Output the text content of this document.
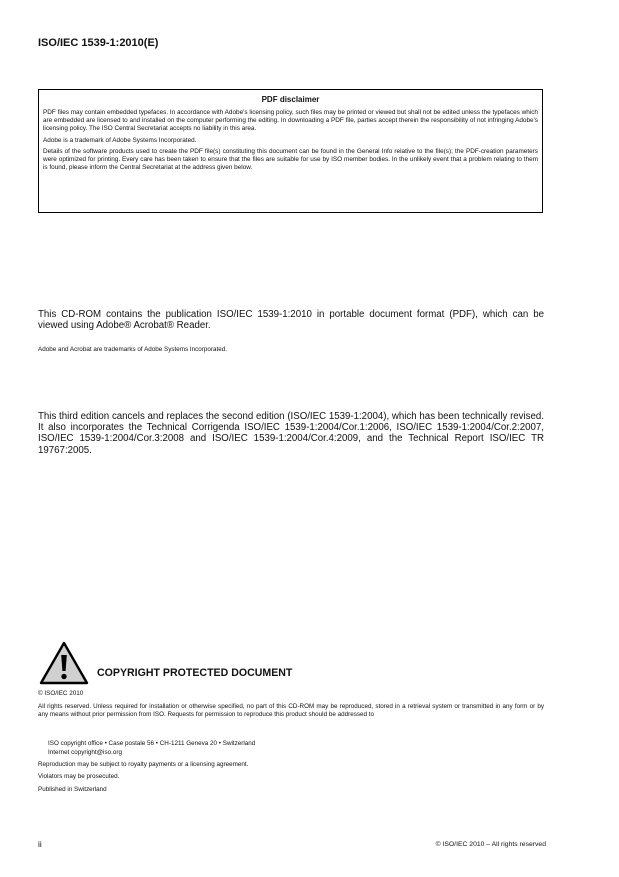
ISO/IEC 1539-1:2010(E)
PDF disclaimer

PDF files may contain embedded typefaces. In accordance with Adobe's licensing policy, such files may be printed or viewed but shall not be edited unless the typefaces which are embedded are licensed to and installed on the computer performing the editing. In downloading a PDF file, parties accept therein the responsibility of not infringing Adobe's licensing policy. The ISO Central Secretariat accepts no liability in this area.

Adobe is a trademark of Adobe Systems Incorporated.

Details of the software products used to create the PDF file(s) constituting this document can be found in the General Info relative to the file(s); the PDF-creation parameters were optimized for printing. Every care has been taken to ensure that the files are suitable for use by ISO member bodies. In the unlikely event that a problem relating to them is found, please inform the Central Secretariat at the address given below.

This CD-ROM contains the publication ISO/IEC 1539-1:2010 in portable document format (PDF), which can be viewed using Adobe® Acrobat® Reader.

Adobe and Acrobat are trademarks of Adobe Systems Incorporated.

This third edition cancels and replaces the second edition (ISO/IEC 1539-1:2004), which has been technically revised. It also incorporates the Technical Corrigenda ISO/IEC 1539-1:2004/Cor.1:2006, ISO/IEC 1539-1:2004/Cor.2:2007, ISO/IEC 1539-1:2004/Cor.3:2008 and ISO/IEC 1539-1:2004/Cor.4:2009, and the Technical Report ISO/IEC TR 19767:2005.

COPYRIGHT PROTECTED DOCUMENT

© ISO/IEC 2010

All rights reserved. Unless required for installation or otherwise specified, no part of this CD-ROM may be reproduced, stored in a retrieval system or transmitted in any form or by any means without prior permission from ISO. Requests for permission to reproduce this product should be addressed to

ISO copyright office • Case postale 56 • CH-1211 Geneva 20 • Switzerland

Internet copyright@iso.org

Reproduction may be subject to royalty payments or a licensing agreement.

Violators may be prosecuted.

Published in Switzerland

ii	© ISO/IEC 2010 – All rights reserved
